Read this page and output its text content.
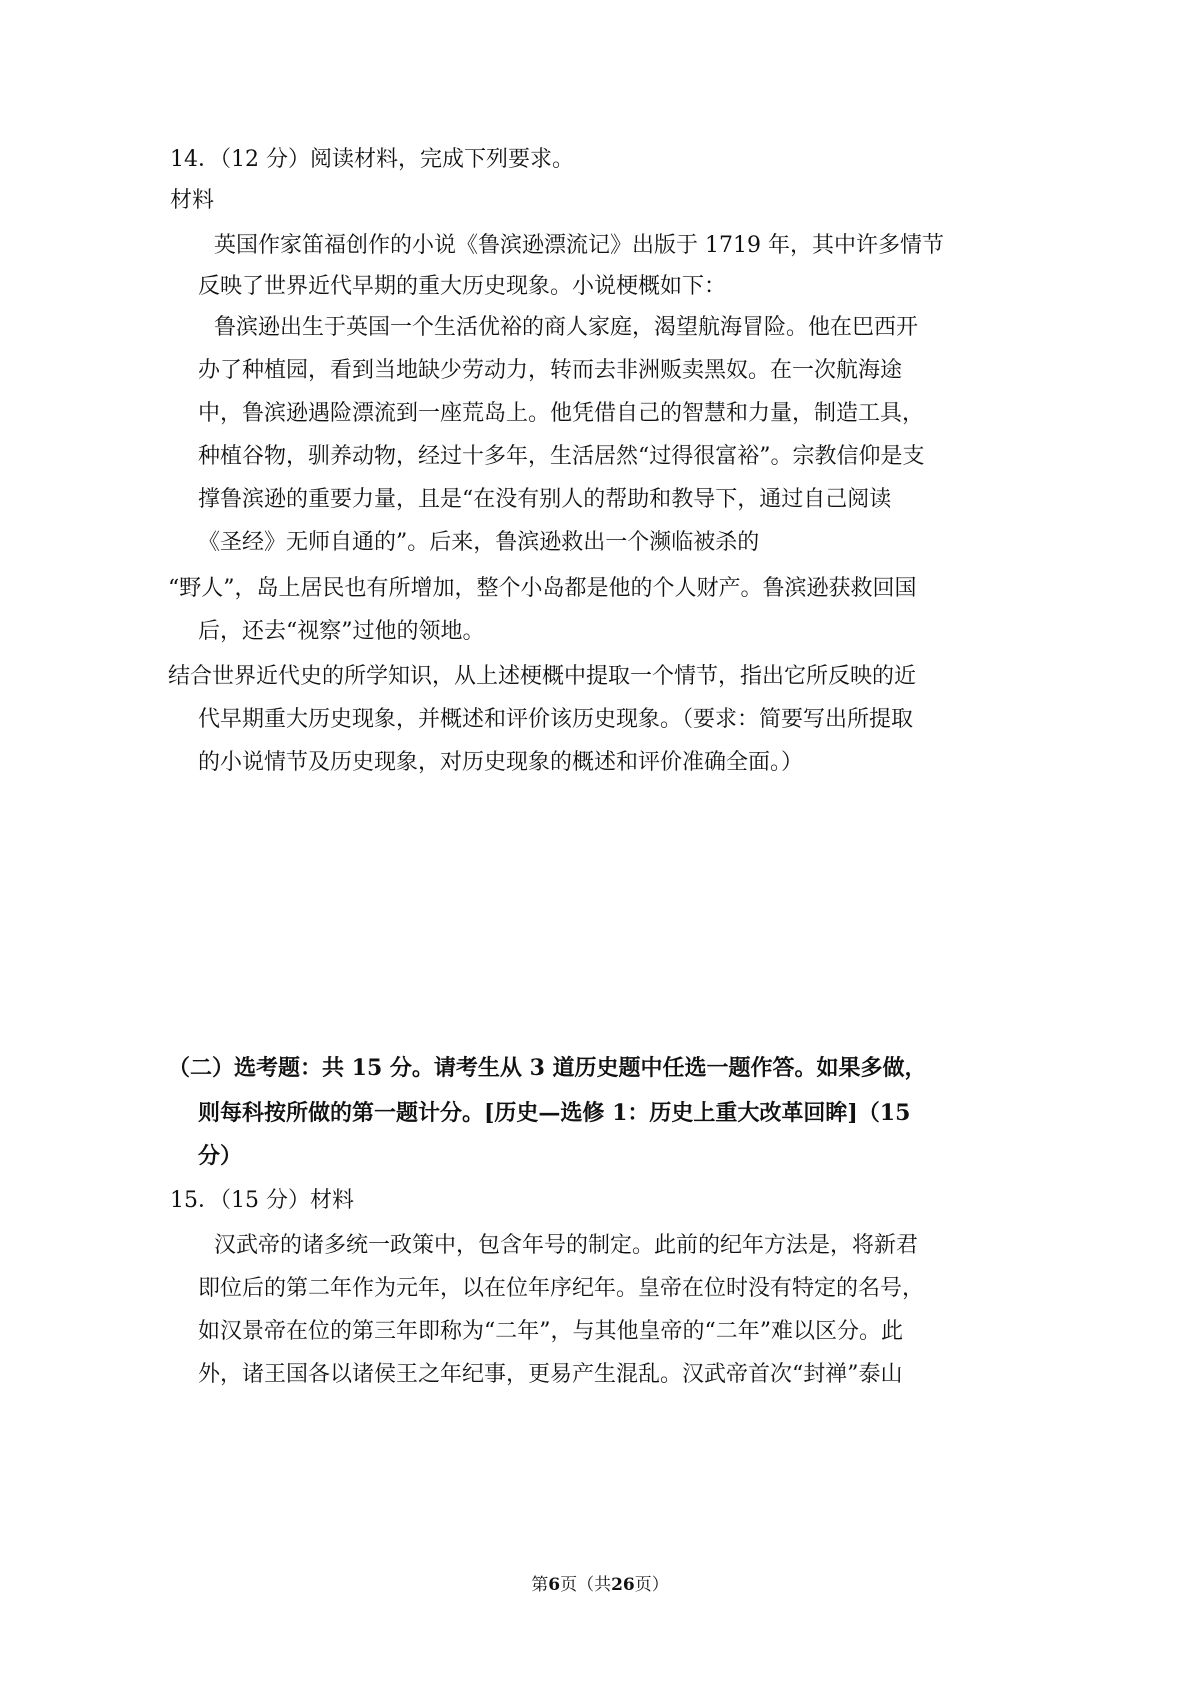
14．（12 分）阅读材料，完成下列要求。
材料
英国作家笛福创作的小说《鲁滨逊漂流记》出版于 1719 年，其中许多情节
反映了世界近代早期的重大历史现象。小说梗概如下：
鲁滨逊出生于英国一个生活优裕的商人家庭，渴望航海冒险。他在巴西开
办了种植园，看到当地缺少劳动力，转而去非洲贩卖黑奴。在一次航海途
中，鲁滨逊遇险漂流到一座荒岛上。他凭借自己的智慧和力量，制造工具，
种植谷物，驯养动物，经过十多年，生活居然“过得很富裕”。宗教信仰是支
撑鲁滨逊的重要力量，且是“在没有别人的帮助和教导下，通过自己阅读
《圣经》无师自通的”。后来，鲁滨逊救出一个濒临被杀的
“野人”，岛上居民也有所增加，整个小岛都是他的个人财产。鲁滨逊获救回国
后，还去“视察”过他的领地。
结合世界近代史的所学知识，从上述梗概中提取一个情节，指出它所反映的近
代早期重大历史现象，并概述和评价该历史现象。（要求：简要写出所提取
的小说情节及历史现象，对历史现象的概述和评价准确全面。）
（二）选考题：共 15 分。请考生从 3 道历史题中任选一题作答。如果多做，
则每科按所做的第一题计分。[历史—选修 1：历史上重大改革回眸]（15
分）
15．（15 分）材料
汉武帝的诸多统一政策中，包含年号的制定。此前的纪年方法是，将新君
即位后的第二年作为元年，以在位年序纪年。皇帝在位时没有特定的名号，
如汉景帝在位的第三年即称为“二年”，与其他皇帝的“二年”难以区分。此
外，诸王国各以诸侯王之年纪事，更易产生混乱。汉武帝首次“封禅”泰山
第6页（共26页）
